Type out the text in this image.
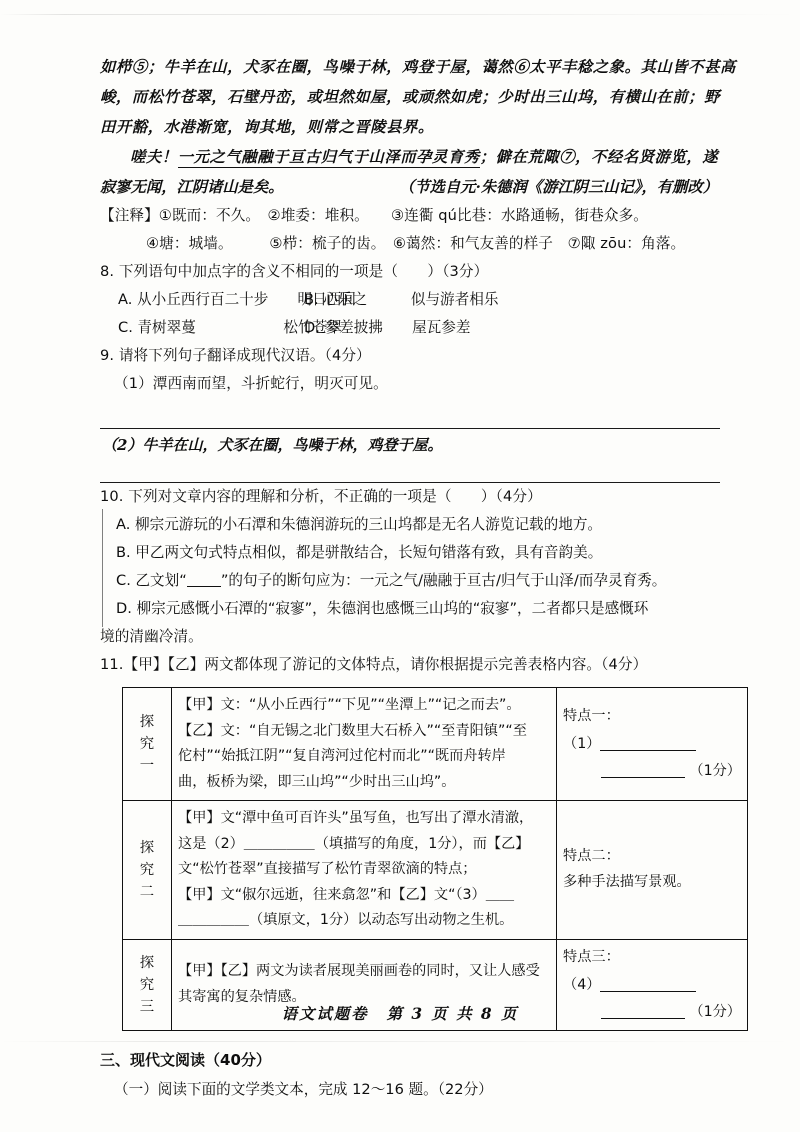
如栉⑤；牛羊在山，犬豕在圈，鸟噪于林，鸡登于屋，蔼然⑥太平丰稔之象。其山皆不甚高
峻，而松竹苍翠，石壁丹峦，或坦然如屋，或顽然如虎；少时出三山坞，有横山在前；野
田开豁，水港渐宽，询其地，则常之晋陵县界。
嗟夫！一元之气融融于亘古归气于山泽而孕灵育秀；僻在荒陬⑦，不经名贤游览，遂
寂寥无闻，江阴诸山是矣。	（节选自元·朱德润《游江阴三山记》，有删改）
【注释】①既而：不久。　②堆委：堆积。　　③连衢 qú比巷：水路通畅，街巷众多。
④塘：城墙。　　　⑤栉：梳子的齿。　⑥蔼然：和气友善的样子　⑦陬 zōu：角落。
8. 下列语句中加点字的含义不相同的一项是（　　）（3分）
A. 从小丘西行百二十步　　明日西回
B. 心乐之　　　似与游者相乐
C. 青树翠蔓　　　　　　松竹苍翠
D. 参差披拂　　屋瓦参差
9. 请将下列句子翻译成现代汉语。（4分）
（1）潭西南而望，斗折蛇行，明灭可见。
（2）牛羊在山，犬豕在圈，鸟噪于林，鸡登于屋。
10. 下列对文章内容的理解和分析，不正确的一项是（　　）（4分）
A. 柳宗元游玩的小石潭和朱德润游玩的三山坞都是无名人游览记载的地方。
B. 甲乙两文句式特点相似，都是骈散结合，长短句错落有致，具有音韵美。
C. 乙文划“ ”的句子的断句应为：一元之气/融融于亘古/归气于山泽/而孕灵育秀。
D. 柳宗元感慨小石潭的“寂寥”，朱德润也感慨三山坞的“寂寥”，二者都只是感慨环
境的清幽冷清。
11.【甲】【乙】两文都体现了游记的文体特点，请你根据提示完善表格内容。（4分）
探
究
一

【甲】文：“从小丘西行”“下见”“坐潭上”“记之而去”。
【乙】文：“自无锡之北门数里大石桥入”“至青阳镇”“至
佗村”“始抵江阴”“复自湾河过佗村而北”“既而舟转岸
曲，板桥为梁，即三山坞”“少时出三山坞”。

特点一：
（1）
（1分）

探
究
二

【甲】文“潭中鱼可百许头”虽写鱼，也写出了潭水清澈，
这是（2）＿＿＿＿＿（填描写的角度，1分），而【乙】
文“松竹苍翠”直接描写了松竹青翠欲滴的特点；
【甲】文“俶尔远逝，往来翕忽”和【乙】文“（3）＿＿
＿＿＿＿＿（填原文，1分）以动态写出动物之生机。

特点二：
多种手法描写景观。

探
究
三

【甲】【乙】两文为读者展现美丽画卷的同时，又让人感受
其寄寓的复杂情感。

特点三：
（4）
（1分）
三、现代文阅读（40分）
（一）阅读下面的文学类文本，完成 12～16 题。（22分）
语文试题卷 第 3 页 共 8 页
